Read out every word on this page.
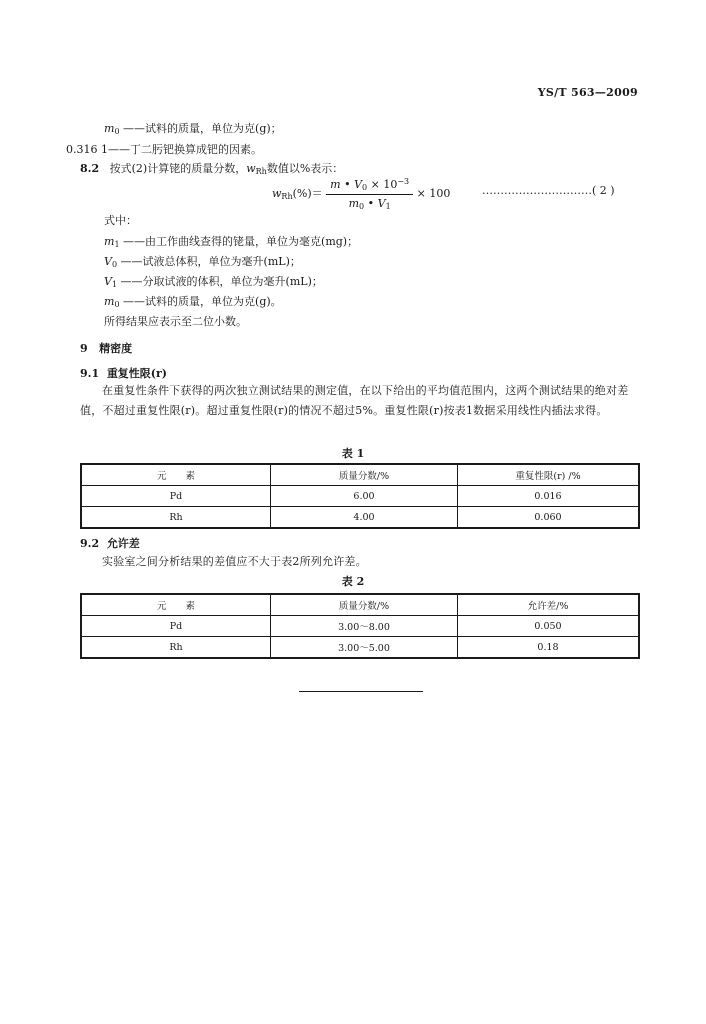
YS/T 563—2009
$m_0$ ——试料的质量，单位为克(g)；
0.316 1——丁二肟钯换算成钯的因素。
8.2 按式(2)计算铑的质量分数，$w_{Rh}$数值以%表示：
$w_{Rh}(\%)= \frac{m • V_0 \times 10^{-3}}{m_0 • V_1} \times 100$	…………………………( 2 )
式中：
$m_1$ ——由工作曲线查得的铑量，单位为毫克(mg)；
$V_0$ ——试液总体积，单位为毫升(mL)；
$V_1$ ——分取试液的体积，单位为毫升(mL)；
$m_0$ ——试料的质量，单位为克(g)。
所得结果应表示至二位小数。
9 精密度
9.1 重复性限(r)
在重复性条件下获得的两次独立测试结果的测定值，在以下给出的平均值范围内，这两个测试结果的绝对差值，不超过重复性限(r)。超过重复性限(r)的情况不超过5%。重复性限(r)按表1数据采用线性内插法求得。
表 1
元　　素	质量分数/%	重复性限(r) /%
Pd	6.00	0.016
Rh	4.00	0.060
9.2 允许差
实验室之间分析结果的差值应不大于表2所列允许差。
表 2
元　　素	质量分数/%	允许差/%
Pd	3.00～8.00	0.050
Rh	3.00～5.00	0.18
